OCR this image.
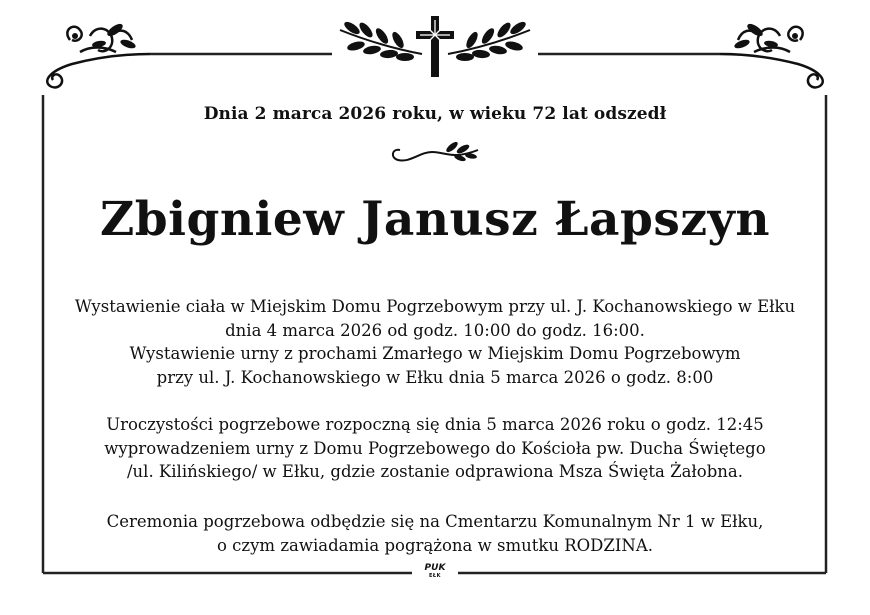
Dnia 2 marca 2026 roku, w wieku 72 lat odszedł
Zbigniew Janusz Łapszyn
Wystawienie ciała w Miejskim Domu Pogrzebowym przy ul. J. Kochanowskiego w Ełku
dnia 4 marca 2026 od godz. 10:00 do godz. 16:00.
Wystawienie urny z prochami Zmarłego w Miejskim Domu Pogrzebowym
przy ul. J. Kochanowskiego w Ełku dnia 5 marca 2026 o godz. 8:00
Uroczystości pogrzebowe rozpoczną się dnia 5 marca 2026 roku o godz. 12:45
wyprowadzeniem urny z Domu Pogrzebowego do Kościoła pw. Ducha Świętego
/ul. Kilińskiego/ w Ełku, gdzie zostanie odprawiona Msza Święta Żałobna.
Ceremonia pogrzebowa odbędzie się na Cmentarzu Komunalnym Nr 1 w Ełku,
o czym zawiadamia pogrążona w smutku RODZINA.
PUK
EŁK
